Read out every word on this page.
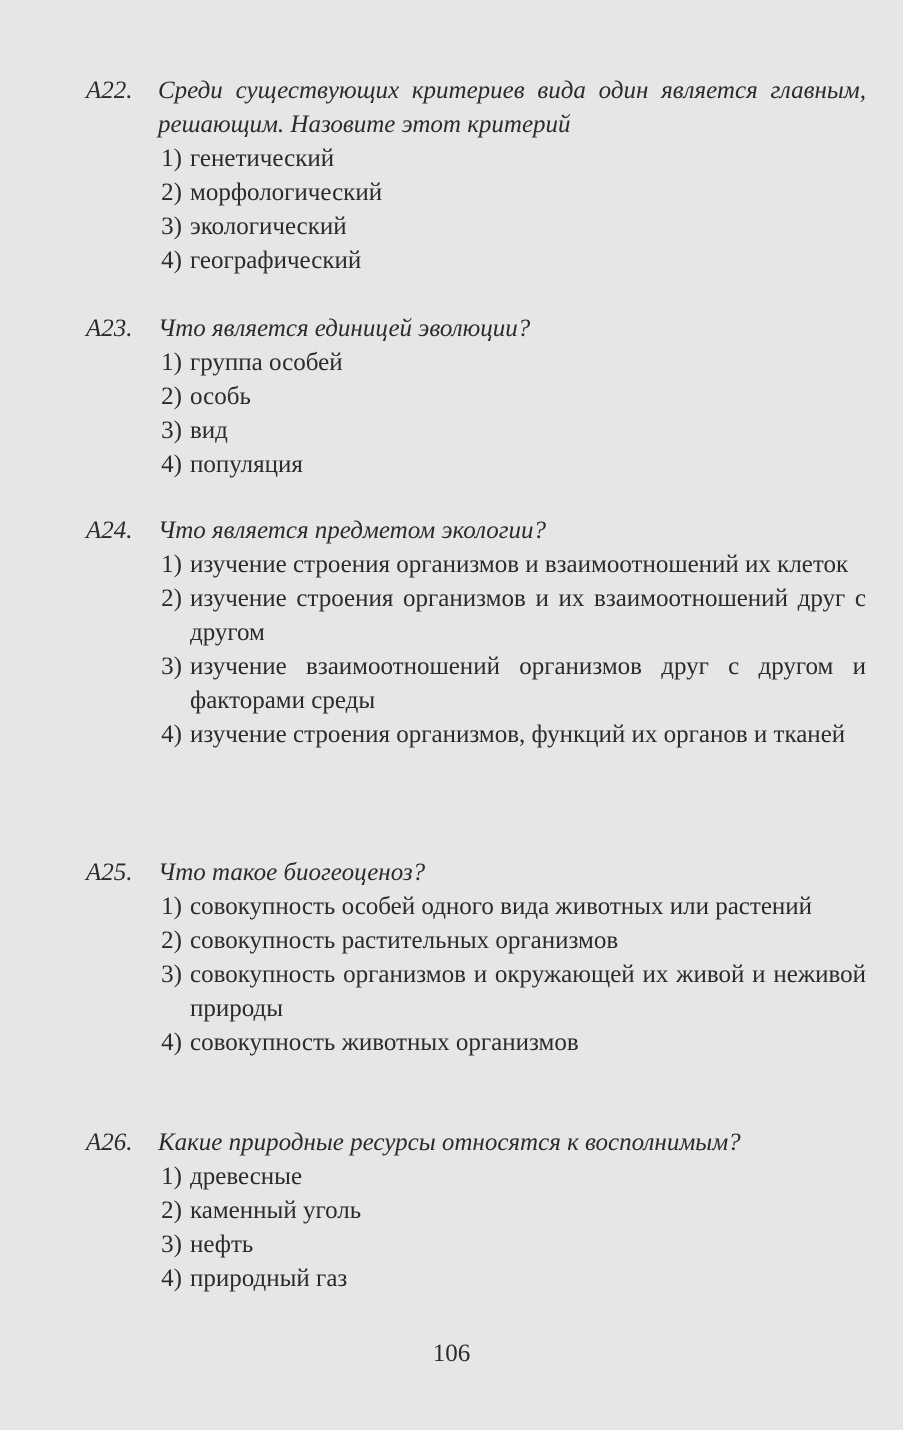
A22.	Среди существующих критериев вида один является главным, решающим. Назовите этот критерий
1) генетический
2) морфологический
3) экологический
4) географический
A23.	Что является единицей эволюции?
1) группа особей
2) особь
3) вид
4) популяция
A24.	Что является предметом экологии?
1) изучение строения организмов и взаимоотношений их клеток
2) изучение строения организмов и их взаимоотношений друг с другом
3) изучение взаимоотношений организмов друг с другом и факторами среды
4) изучение строения организмов, функций их органов и тканей
A25.	Что такое биогеоценоз?
1) совокупность особей одного вида животных или растений
2) совокупность растительных организмов
3) совокупность организмов и окружающей их живой и неживой природы
4) совокупность животных организмов
A26.	Какие природные ресурсы относятся к восполнимым?
1) древесные
2) каменный уголь
3) нефть
4) природный газ
106
